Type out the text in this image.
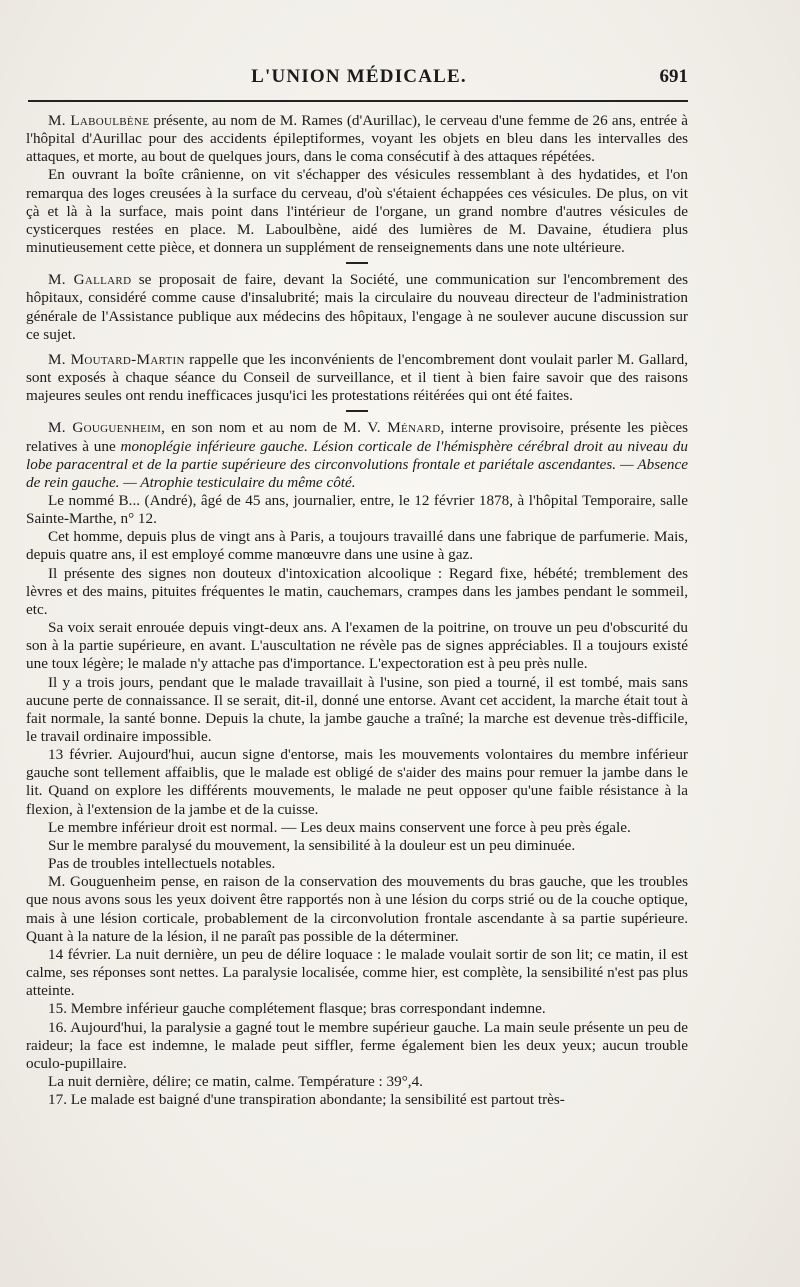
L'UNION MÉDICALE.	691

M. Laboulbène présente, au nom de M. Rames (d'Aurillac), le cerveau d'une femme de 26 ans, entrée à l'hôpital d'Aurillac pour des accidents épileptiformes, voyant les objets en bleu dans les intervalles des attaques, et morte, au bout de quelques jours, dans le coma consécutif à des attaques répétées.

En ouvrant la boîte crânienne, on vit s'échapper des vésicules ressemblant à des hydatides, et l'on remarqua des loges creusées à la surface du cerveau, d'où s'étaient échappées ces vésicules. De plus, on vit çà et là à la surface, mais point dans l'intérieur de l'organe, un grand nombre d'autres vésicules de cysticerques restées en place. M. Laboulbène, aidé des lumières de M. Davaine, étudiera plus minutieusement cette pièce, et donnera un supplément de renseignements dans une note ultérieure.

M. Gallard se proposait de faire, devant la Société, une communication sur l'encombrement des hôpitaux, considéré comme cause d'insalubrité; mais la circulaire du nouveau directeur de l'administration générale de l'Assistance publique aux médecins des hôpitaux, l'engage à ne soulever aucune discussion sur ce sujet.

M. Moutard-Martin rappelle que les inconvénients de l'encombrement dont voulait parler M. Gallard, sont exposés à chaque séance du Conseil de surveillance, et il tient à bien faire savoir que des raisons majeures seules ont rendu inefficaces jusqu'ici les protestations réitérées qui ont été faites.

M. Gouguenheim, en son nom et au nom de M. V. Ménard, interne provisoire, présente les pièces relatives à une monoplégie inférieure gauche. Lésion corticale de l'hémisphère cérébral droit au niveau du lobe paracentral et de la partie supérieure des circonvolutions frontale et pariétale ascendantes. — Absence de rein gauche. — Atrophie testiculaire du même côté.

Le nommé B... (André), âgé de 45 ans, journalier, entre, le 12 février 1878, à l'hôpital Temporaire, salle Sainte-Marthe, n° 12.

Cet homme, depuis plus de vingt ans à Paris, a toujours travaillé dans une fabrique de parfumerie. Mais, depuis quatre ans, il est employé comme manœuvre dans une usine à gaz.

Il présente des signes non douteux d'intoxication alcoolique : Regard fixe, hébété; tremblement des lèvres et des mains, pituites fréquentes le matin, cauchemars, crampes dans les jambes pendant le sommeil, etc.

Sa voix serait enrouée depuis vingt-deux ans. A l'examen de la poitrine, on trouve un peu d'obscurité du son à la partie supérieure, en avant. L'auscultation ne révèle pas de signes appréciables. Il a toujours existé une toux légère; le malade n'y attache pas d'importance. L'expectoration est à peu près nulle.

Il y a trois jours, pendant que le malade travaillait à l'usine, son pied a tourné, il est tombé, mais sans aucune perte de connaissance. Il se serait, dit-il, donné une entorse. Avant cet accident, la marche était tout à fait normale, la santé bonne. Depuis la chute, la jambe gauche a traîné; la marche est devenue très-difficile, le travail ordinaire impossible.

13 février. Aujourd'hui, aucun signe d'entorse, mais les mouvements volontaires du membre inférieur gauche sont tellement affaiblis, que le malade est obligé de s'aider des mains pour remuer la jambe dans le lit. Quand on explore les différents mouvements, le malade ne peut opposer qu'une faible résistance à la flexion, à l'extension de la jambe et de la cuisse.

Le membre inférieur droit est normal. — Les deux mains conservent une force à peu près égale.

Sur le membre paralysé du mouvement, la sensibilité à la douleur est un peu diminuée.

Pas de troubles intellectuels notables.

M. Gouguenheim pense, en raison de la conservation des mouvements du bras gauche, que les troubles que nous avons sous les yeux doivent être rapportés non à une lésion du corps strié ou de la couche optique, mais à une lésion corticale, probablement de la circonvolution frontale ascendante à sa partie supérieure. Quant à la nature de la lésion, il ne paraît pas possible de la déterminer.

14 février. La nuit dernière, un peu de délire loquace : le malade voulait sortir de son lit; ce matin, il est calme, ses réponses sont nettes. La paralysie localisée, comme hier, est complète, la sensibilité n'est pas plus atteinte.

15. Membre inférieur gauche complétement flasque; bras correspondant indemne.

16. Aujourd'hui, la paralysie a gagné tout le membre supérieur gauche. La main seule présente un peu de raideur; la face est indemne, le malade peut siffler, ferme également bien les deux yeux; aucun trouble oculo-pupillaire.

La nuit dernière, délire; ce matin, calme. Température : 39°,4.

17. Le malade est baigné d'une transpiration abondante; la sensibilité est partout très-
